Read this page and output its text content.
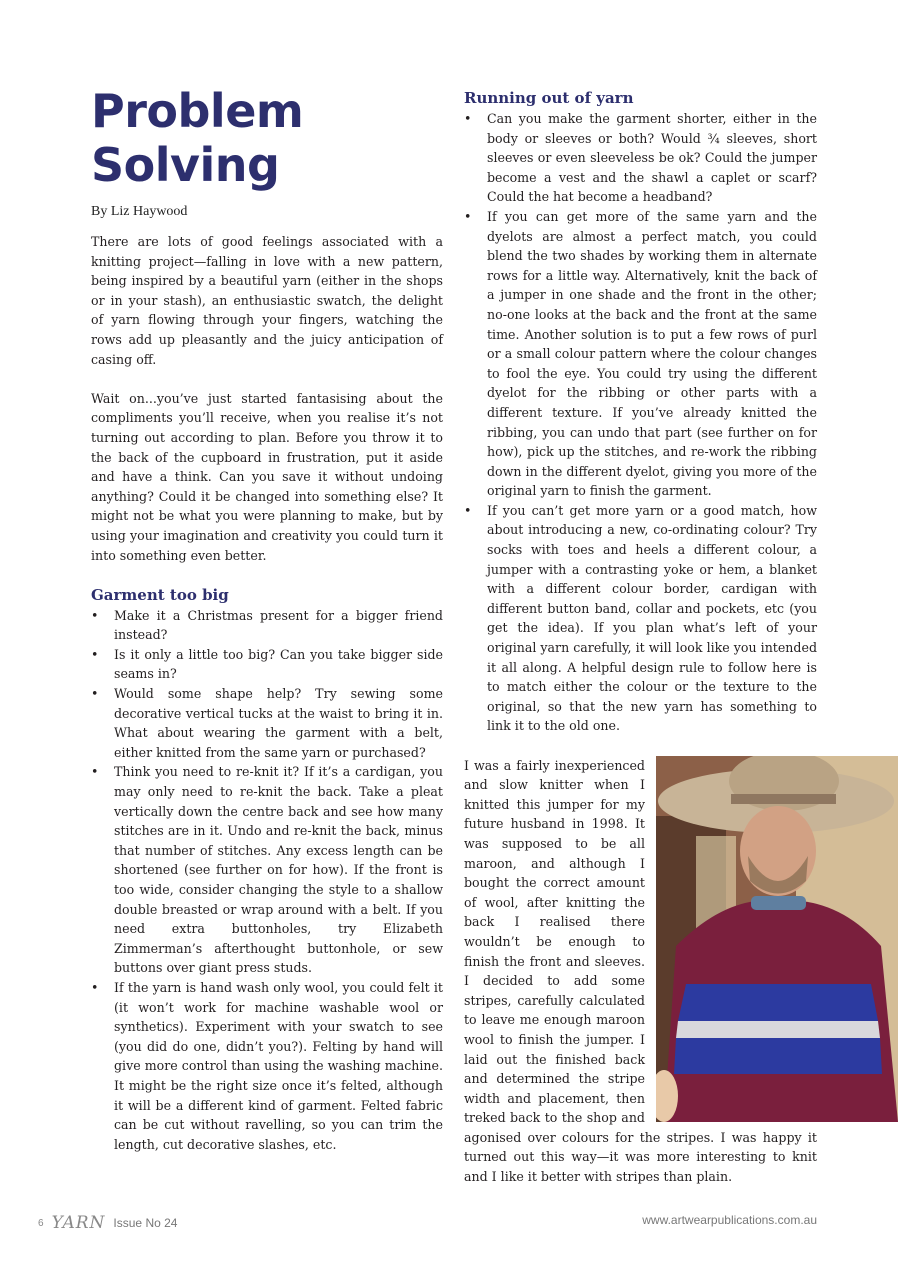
Problem
Solving

By Liz Haywood

There are lots of good feelings associated with a knitting project—falling in love with a new pattern, being inspired by a beautiful yarn (either in the shops or in your stash), an enthusiastic swatch, the delight of yarn flowing through your fingers, watching the rows add up pleasantly and the juicy anticipation of casing off.

Wait on...you’ve just started fantasising about the compliments you’ll receive, when you realise it’s not turning out according to plan. Before you throw it to the back of the cupboard in frustration, put it aside and have a think. Can you save it without undoing anything? Could it be changed into something else? It might not be what you were planning to make, but by using your imagination and creativity you could turn it into something even better.

Garment too big
• Make it a Christmas present for a bigger friend instead?
• Is it only a little too big? Can you take bigger side seams in?
• Would some shape help? Try sewing some decorative vertical tucks at the waist to bring it in. What about wearing the garment with a belt, either knitted from the same yarn or purchased?
• Think you need to re-knit it? If it’s a cardigan, you may only need to re-knit the back. Take a pleat vertically down the centre back and see how many stitches are in it. Undo and re-knit the back, minus that number of stitches. Any excess length can be shortened (see further on for how). If the front is too wide, consider changing the style to a shallow double breasted or wrap around with a belt. If you need extra buttonholes, try Elizabeth Zimmerman’s afterthought buttonhole, or sew buttons over giant press studs.
• If the yarn is hand wash only wool, you could felt it (it won’t work for machine washable wool or synthetics). Experiment with your swatch to see (you did do one, didn’t you?). Felting by hand will give more control than using the washing machine. It might be the right size once it’s felted, although it will be a different kind of garment. Felted fabric can be cut without ravelling, so you can trim the length, cut decorative slashes, etc.
Running out of yarn
• Can you make the garment shorter, either in the body or sleeves or both? Would ¾ sleeves, short sleeves or even sleeveless be ok? Could the jumper become a vest and the shawl a caplet or scarf? Could the hat become a headband?
• If you can get more of the same yarn and the dyelots are almost a perfect match, you could blend the two shades by working them in alternate rows for a little way. Alternatively, knit the back of a jumper in one shade and the front in the other; no-one looks at the back and the front at the same time. Another solution is to put a few rows of purl or a small colour pattern where the colour changes to fool the eye. You could try using the different dyelot for the ribbing or other parts with a different texture. If you’ve already knitted the ribbing, you can undo that part (see further on for how), pick up the stitches, and re-work the ribbing down in the different dyelot, giving you more of the original yarn to finish the garment.
• If you can’t get more yarn or a good match, how about introducing a new, co-ordinating colour? Try socks with toes and heels a different colour, a jumper with a contrasting yoke or hem, a blanket with a different colour border, cardigan with different button band, collar and pockets, etc (you get the idea). If you plan what’s left of your original yarn carefully, it will look like you intended it all along. A helpful design rule to follow here is to match either the colour or the texture to the original, so that the new yarn has something to link it to the old one.

I was a fairly inexperienced and slow knitter when I knitted this jumper for my future husband in 1998. It was supposed to be all maroon, and although I bought the correct amount of wool, after knitting the back I realised there wouldn’t be enough to finish the front and sleeves. I decided to add some stripes, carefully calculated to leave me enough maroon wool to finish the jumper. I laid out the finished back and determined the stripe width and placement, then treked back to the shop and agonised over colours for the stripes. I was happy it turned out this way—it was more interesting to knit and I like it better with stripes than plain.

6 YARN Issue No 24	www.artwearpublications.com.au
